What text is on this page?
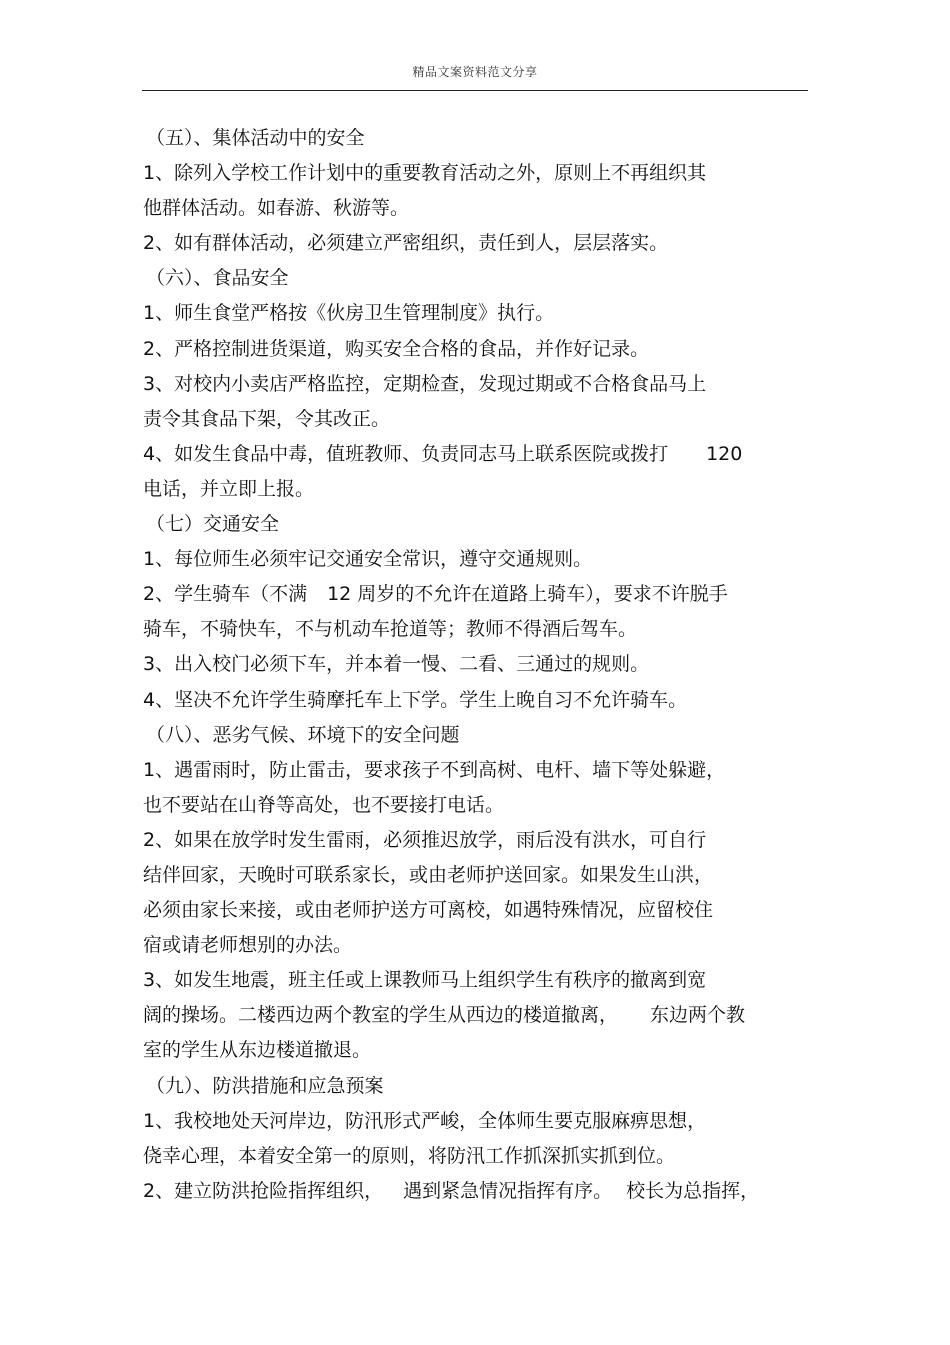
精品文案资料范文分享
（五）、集体活动中的安全
1、除列入学校工作计划中的重要教育活动之外，原则上不再组织其
他群体活动。如春游、秋游等。
2、如有群体活动，必须建立严密组织，责任到人，层层落实。
（六）、食品安全
1、师生食堂严格按《伙房卫生管理制度》执行。
2、严格控制进货渠道，购买安全合格的食品，并作好记录。
3、对校内小卖店严格监控，定期检查，发现过期或不合格食品马上
责令其食品下架，令其改正。
4、如发生食品中毒，值班教师、负责同志马上联系医院或拨打 120
电话，并立即上报。
（七）交通安全
1、每位师生必须牢记交通安全常识，遵守交通规则。
2、学生骑车（不满 12 周岁的不允许在道路上骑车），要求不许脱手
骑车，不骑快车，不与机动车抢道等；教师不得酒后驾车。
3、出入校门必须下车，并本着一慢、二看、三通过的规则。
4、坚决不允许学生骑摩托车上下学。学生上晚自习不允许骑车。
（八）、恶劣气候、环境下的安全问题
1、遇雷雨时，防止雷击，要求孩子不到高树、电杆、墙下等处躲避，
也不要站在山脊等高处，也不要接打电话。
2、如果在放学时发生雷雨，必须推迟放学，雨后没有洪水，可自行
结伴回家，天晚时可联系家长，或由老师护送回家。如果发生山洪，
必须由家长来接，或由老师护送方可离校，如遇特殊情况，应留校住
宿或请老师想别的办法。
3、如发生地震，班主任或上课教师马上组织学生有秩序的撤离到宽
阔的操场。二楼西边两个教室的学生从西边的楼道撤离， 东边两个教
室的学生从东边楼道撤退。
（九）、防洪措施和应急预案
1、我校地处天河岸边，防汛形式严峻，全体师生要克服麻痹思想，
侥幸心理，本着安全第一的原则，将防汛工作抓深抓实抓到位。
2、建立防洪抢险指挥组织， 遇到紧急情况指挥有序。 校长为总指挥，
